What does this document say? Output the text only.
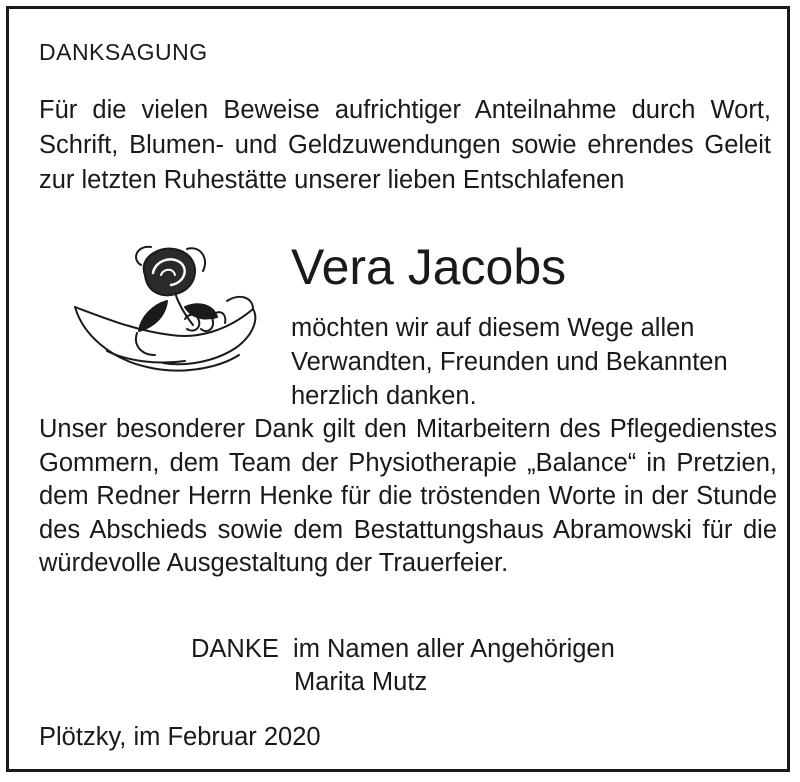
DANKSAGUNG
Für die vielen Beweise aufrichtiger Anteilnahme durch Wort, Schrift, Blumen- und Geldzuwendungen sowie ehrendes Geleit zur letzten Ruhestätte unserer lieben Entschlafenen
Vera Jacobs
möchten wir auf diesem Wege allen
Verwandten, Freunden und Bekannten
herzlich danken.
Unser besonderer Dank gilt den Mitarbeitern des Pflegedienstes Gommern, dem Team der Physiotherapie „Balance“ in Pretzien, dem Redner Herrn Henke für die tröstenden Worte in der Stunde des Abschieds sowie dem Bestattungshaus Abramowski für die würdevolle Ausgestaltung der Trauerfeier.
DANKE  im Namen aller Angehörigen
Marita Mutz
Plötzky, im Februar 2020
